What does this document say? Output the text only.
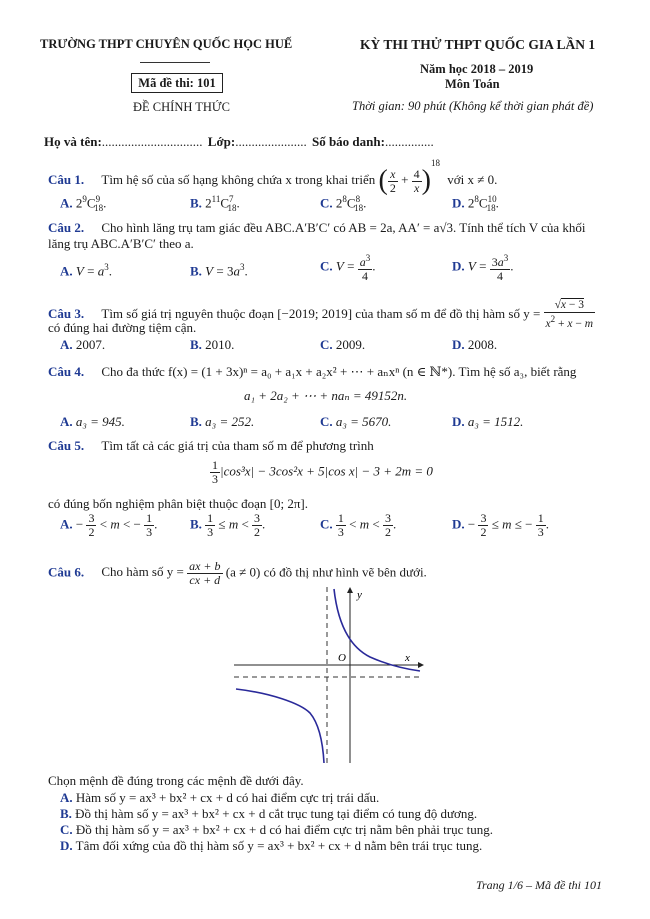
TRƯỜNG THPT CHUYÊN QUỐC HỌC HUẾ
Mã đề thi: 101
ĐỀ CHÍNH THỨC
KỲ THI THỬ THPT QUỐC GIA LẦN 1
Năm học 2018 – 2019
Môn Toán
Thời gian: 90 phút (Không kể thời gian phát đề)
Họ và tên:............................... Lớp:...................... Số báo danh:...............
Câu 1. Tìm hệ số của số hạng không chứa x trong khai triển ( $\frac{x}{2} + \frac{4}{x} )^{18}$ với x ≠ 0.
A. $2^9C^9_{18}$.	B. $2^{11}C^7_{18}$.	C. $2^8C^8_{18}$.	D. $2^8C^{10}_{18}$.
Câu 2. Cho hình lăng trụ tam giác đều ABC.A′B′C′ có AB = 2a, AA′ = a√3. Tính thể tích V của khối
lăng trụ ABC.A′B′C′ theo a.
A. $V = a^3$.	B. $V = 3a^3$.	C. $V = \frac{a^3}{4}$ .	D. $V = \frac{3a^3}{4}$ .
Câu 3. Tìm số giá trị nguyên thuộc đoạn [−2019; 2019] của tham số m để đồ thị hàm số $y = \frac{√x - 3}{x^2 + x - m}$
có đúng hai đường tiệm cận.
A. 2007.	B. 2010.	C. 2009.	D. 2008.
Câu 4. Cho đa thức f(x) = (1 + 3x)ⁿ = a₀ + a₁x + a₂x² + ⋯ + aₙxⁿ (n ∈ ℕ*). Tìm hệ số a₃, biết rằng
a₁ + 2a₂ + ⋯ + naₙ = 49152n.
A. a₃ = 945.	B. a₃ = 252.	C. a₃ = 5670.	D. a₃ = 1512.
Câu 5. Tìm tất cả các giá trị của tham số m để phương trình
$\frac{1}{3} |\cos^3x| - 3\cos^2x + 5|\cos$ x| − 3 + 2m = 0
có đúng bốn nghiệm phân biệt thuộc đoạn [0; 2π].
A. − $\frac{3}{2} < m$ < − $\frac{1}{3}$ .	B. $\frac{1}{3} \le m < \frac{3}{2}$ .	C. $\frac{1}{3} < m < \frac{3}{2}$ .	D. − $\frac{3}{2} \le m$ ≤ − $\frac{1}{3}$ .
Câu 6. Cho hàm số $y = \frac{ax + b}{cx + d} (a \ne 0)$ có đồ thị như hình vẽ bên dưới.
y
O	x
Chọn mệnh đề đúng trong các mệnh đề dưới đây.
A. Hàm số y = ax³ + bx² + cx + d có hai điểm cực trị trái dấu.
B. Đồ thị hàm số y = ax³ + bx² + cx + d cắt trục tung tại điểm có tung độ dương.
C. Đồ thị hàm số y = ax³ + bx² + cx + d có hai điểm cực trị nằm bên phải trục tung.
D. Tâm đối xứng của đồ thị hàm số y = ax³ + bx² + cx + d nằm bên trái trục tung.
Trang 1/6 – Mã đề thi 101
